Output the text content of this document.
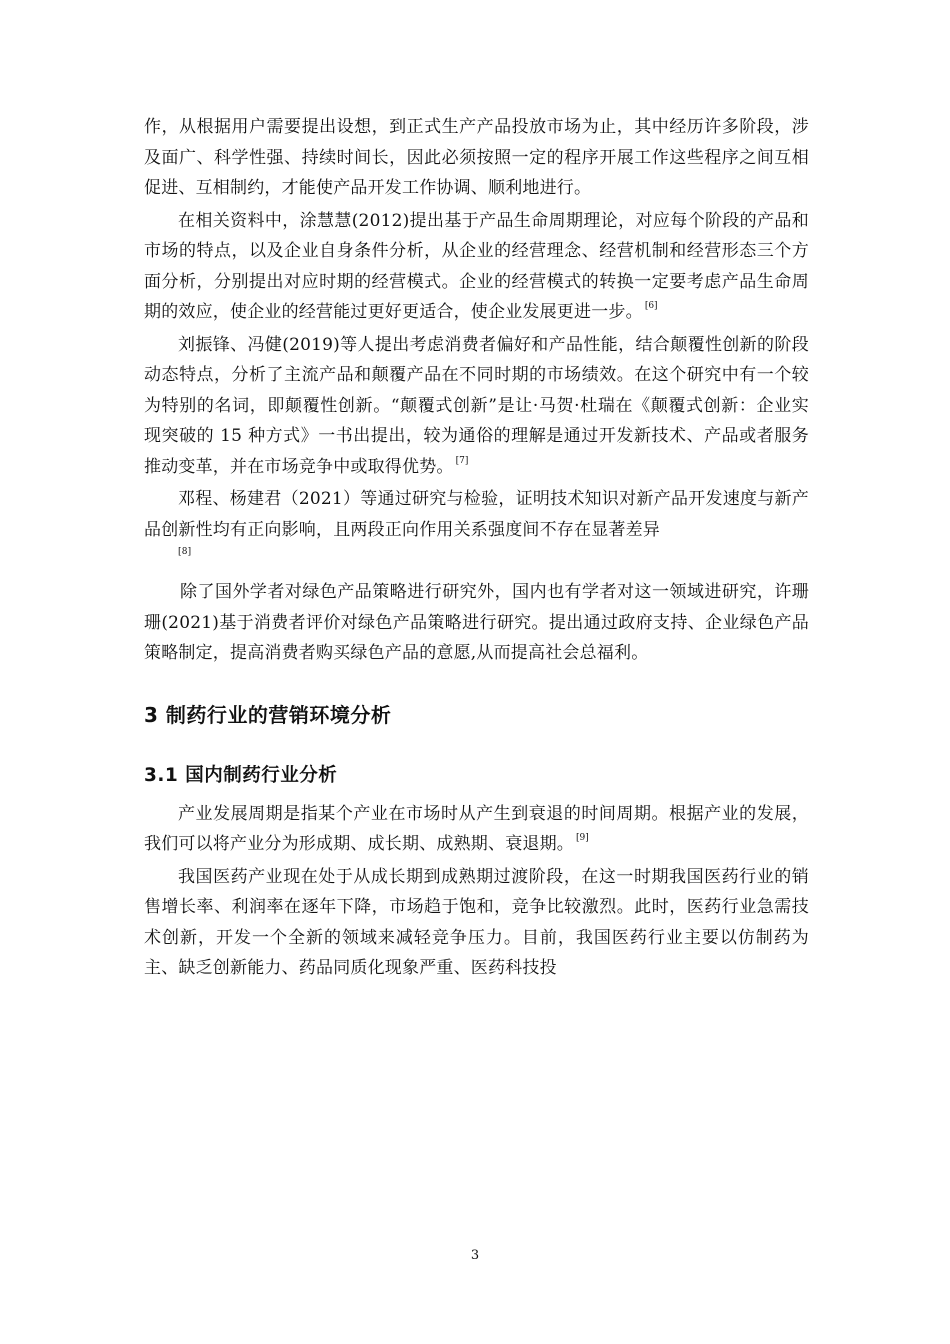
作，从根据用户需要提出设想，到正式生产产品投放市场为止，其中经历许多阶段，涉及面广、科学性强、持续时间长，因此必须按照一定的程序开展工作这些程序之间互相促进、互相制约，才能使产品开发工作协调、顺利地进行。

在相关资料中，涂慧慧(2012)提出基于产品生命周期理论，对应每个阶段的产品和市场的特点，以及企业自身条件分析，从企业的经营理念、经营机制和经营形态三个方面分析，分别提出对应时期的经营模式。企业的经营模式的转换一定要考虑产品生命周期的效应，使企业的经营能过更好更适合，使企业发展更进一步。 [6]

刘振锋、冯健(2019)等人提出考虑消费者偏好和产品性能，结合颠覆性创新的阶段动态特点，分析了主流产品和颠覆产品在不同时期的市场绩效。在这个研究中有一个较为特别的名词，即颠覆性创新。“颠覆式创新”是让·马贺·杜瑞在《颠覆式创新：企业实现突破的 15 种方式》一书出提出，较为通俗的理解是通过开发新技术、产品或者服务推动变革，并在市场竞争中或取得优势。 [7]

邓程、杨建君（2021）等通过研究与检验，证明技术知识对新产品开发速度与新产品创新性均有正向影响，且两段正向作用关系强度间不存在显著差异
[8]

除了国外学者对绿色产品策略进行研究外，国内也有学者对这一领域进研究，许珊珊(2021)基于消费者评价对绿色产品策略进行研究。提出通过政府支持、企业绿色产品策略制定，提高消费者购买绿色产品的意愿,从而提高社会总福利。

3 制药行业的营销环境分析
3.1 国内制药行业分析

产业发展周期是指某个产业在市场时从产生到衰退的时间周期。根据产业的发展，我们可以将产业分为形成期、成长期、成熟期、衰退期。 [9]

我国医药产业现在处于从成长期到成熟期过渡阶段，在这一时期我国医药行业的销售增长率、利润率在逐年下降，市场趋于饱和，竞争比较激烈。此时，医药行业急需技术创新，开发一个全新的领域来减轻竞争压力。目前，我国医药行业主要以仿制药为主、缺乏创新能力、药品同质化现象严重、医药科技投

3
